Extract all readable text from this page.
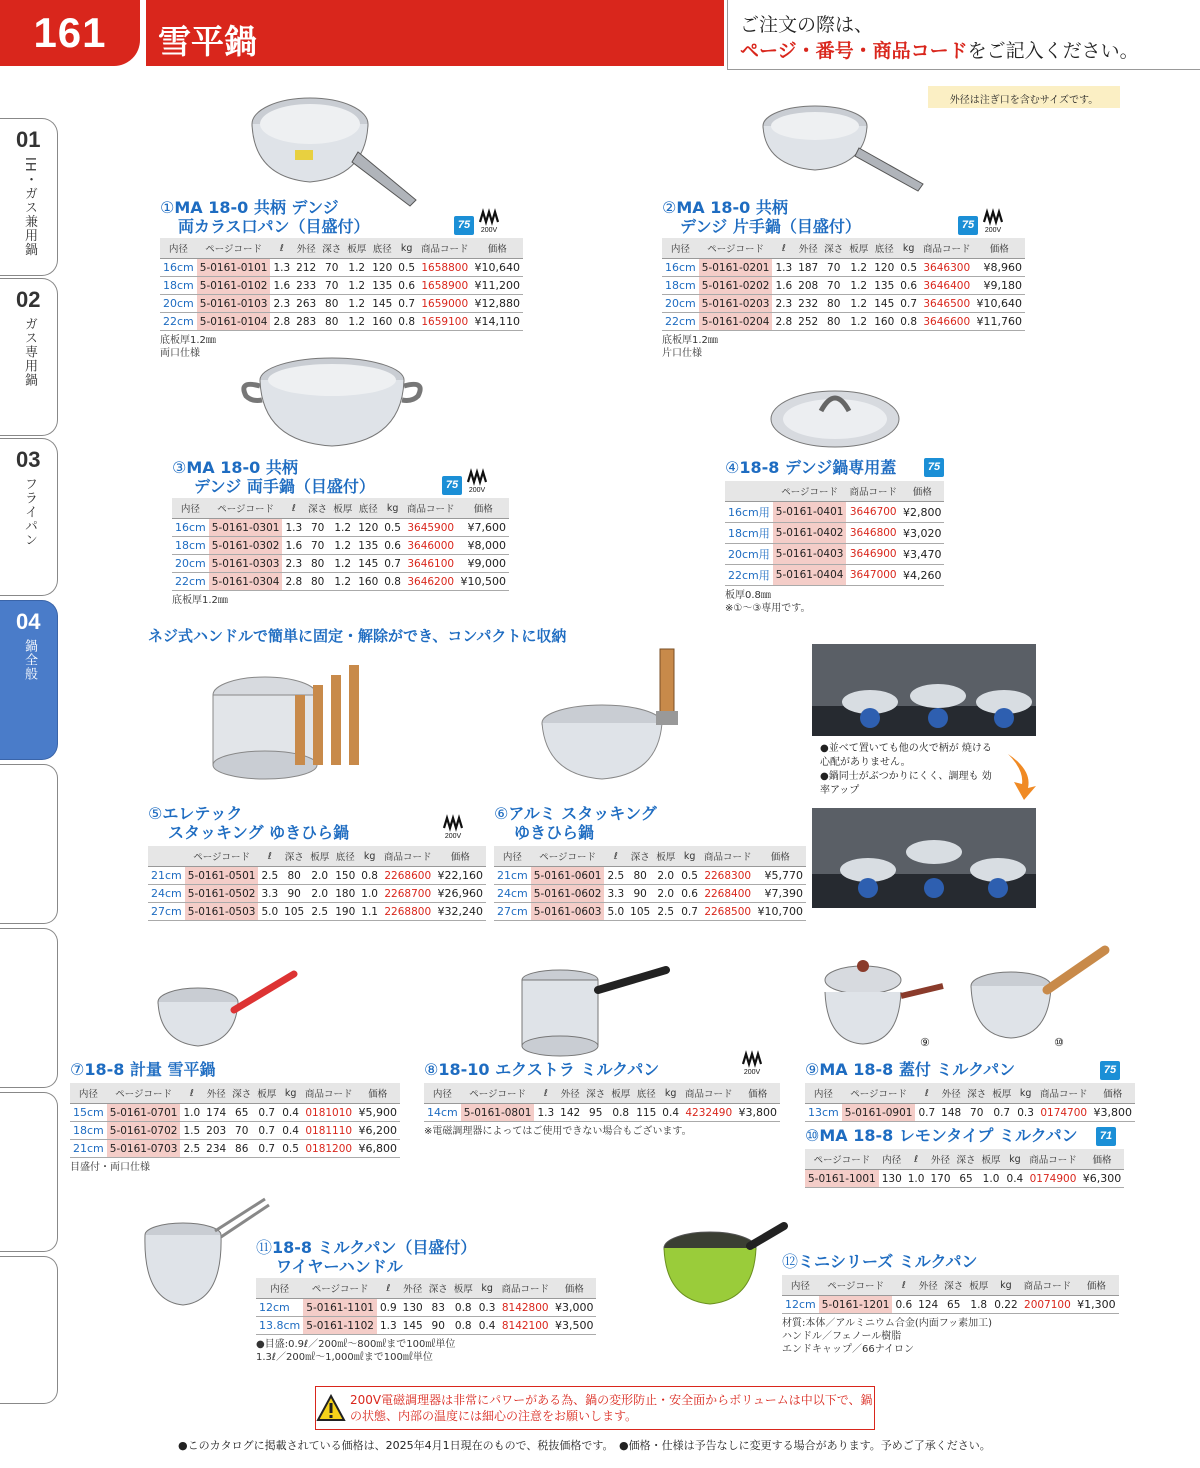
161	雪平鍋	ご注文の際は、
ページ・番号・商品コードをご記入ください。
01
IH・ガス兼用鍋
02
ガス専用鍋
03
フライパン
04
鍋全般
外径は注ぎ口を含むサイズです。
⑨	⑩
①MA 18-0 共柄 デンジ
両カラス口パン（目盛付）
内径	ページコード	ℓ	外径	深さ	板厚	底径	kg	商品コード	価格
16cm	5-0161-0101	1.3	212	70	1.2	120	0.5	1658800	¥10,640
18cm	5-0161-0102	1.6	233	70	1.2	135	0.6	1658900	¥11,200
20cm	5-0161-0103	2.3	263	80	1.2	145	0.7	1659000	¥12,880
22cm	5-0161-0104	2.8	283	80	1.2	160	0.8	1659100	¥14,110
底板厚1.2㎜
両口仕様
75	200V
②MA 18-0 共柄
デンジ 片手鍋（目盛付）
内径	ページコード	ℓ	外径	深さ	板厚	底径	kg	商品コード	価格
16cm	5-0161-0201	1.3	187	70	1.2	120	0.5	3646300	¥8,960
18cm	5-0161-0202	1.6	208	70	1.2	135	0.6	3646400	¥9,180
20cm	5-0161-0203	2.3	232	80	1.2	145	0.7	3646500	¥10,640
22cm	5-0161-0204	2.8	252	80	1.2	160	0.8	3646600	¥11,760
底板厚1.2㎜
片口仕様
75	200V
③MA 18-0 共柄
デンジ 両手鍋（目盛付）
内径	ページコード	ℓ	深さ	板厚	底径	kg	商品コード	価格
16cm	5-0161-0301	1.3	70	1.2	120	0.5	3645900	¥7,600
18cm	5-0161-0302	1.6	70	1.2	135	0.6	3646000	¥8,000
20cm	5-0161-0303	2.3	80	1.2	145	0.7	3646100	¥9,000
22cm	5-0161-0304	2.8	80	1.2	160	0.8	3646200	¥10,500
底板厚1.2㎜
75	200V
④18-8 デンジ鍋専用蓋
	ページコード	商品コード	価格
16cm用	5-0161-0401	3646700	¥2,800
18cm用	5-0161-0402	3646800	¥3,020
20cm用	5-0161-0403	3646900	¥3,470
22cm用	5-0161-0404	3647000	¥4,260
板厚0.8㎜
※①～③専用です。
75
ネジ式ハンドルで簡単に固定・解除ができ、コンパクトに収納
●並べて置いても他の火で柄が 焼ける心配がありません。
●鍋同士がぶつかりにくく、調理も 効率アップ
⑤エレテック
スタッキング ゆきひら鍋
	ページコード	ℓ	深さ	板厚	底径	kg	商品コード	価格
21cm	5-0161-0501	2.5	80	2.0	150	0.8	2268600	¥22,160
24cm	5-0161-0502	3.3	90	2.0	180	1.0	2268700	¥26,960
27cm	5-0161-0503	5.0	105	2.5	190	1.1	2268800	¥32,240
200V
⑥アルミ スタッキング
ゆきひら鍋
内径	ページコード	ℓ	深さ	板厚	kg	商品コード	価格
21cm	5-0161-0601	2.5	80	2.0	0.5	2268300	¥5,770
24cm	5-0161-0602	3.3	90	2.0	0.6	2268400	¥7,390
27cm	5-0161-0603	5.0	105	2.5	0.7	2268500	¥10,700
⑦18-8 計量 雪平鍋
内径	ページコード	ℓ	外径	深さ	板厚	kg	商品コード	価格
15cm	5-0161-0701	1.0	174	65	0.7	0.4	0181010	¥5,900
18cm	5-0161-0702	1.5	203	70	0.7	0.4	0181110	¥6,200
21cm	5-0161-0703	2.5	234	86	0.7	0.5	0181200	¥6,800
目盛付・両口仕様
⑧18-10 エクストラ ミルクパン
内径	ページコード	ℓ	外径	深さ	板厚	底径	kg	商品コード	価格
14cm	5-0161-0801	1.3	142	95	0.8	115	0.4	4232490	¥3,800
※電磁調理器によってはご使用できない場合もございます。
200V	⑨MA 18-8 蓋付 ミルクパン
内径	ページコード	ℓ	外径	深さ	板厚	kg	商品コード	価格
13cm	5-0161-0901	0.7	148	70	0.7	0.3	0174700	¥3,800
75
⑩MA 18-8 レモンタイプ ミルクパン
ページコード	内径	ℓ	外径	深さ	板厚	kg	商品コード	価格
5-0161-1001	130	1.0	170	65	1.0	0.4	0174900	¥6,300
71
⑪18-8 ミルクパン（目盛付）
ワイヤーハンドル
内径	ページコード	ℓ	外径	深さ	板厚	kg	商品コード	価格
12cm	5-0161-1101	0.9	130	83	0.8	0.3	8142800	¥3,000
13.8cm	5-0161-1102	1.3	145	90	0.8	0.4	8142100	¥3,500
●目盛:0.9ℓ／200㎖～800㎖まで100㎖単位
1.3ℓ／200㎖～1,000㎖まで100㎖単位
⑫ミニシリーズ ミルクパン
内径	ページコード	ℓ	外径	深さ	板厚	kg	商品コード	価格
12cm	5-0161-1201	0.6	124	65	1.8	0.22	2007100	¥1,300
材質:本体／アルミニウム合金(内面フッ素加工)
ハンドル／フェノール樹脂
エンドキャップ／66ナイロン
200V電磁調理器は非常にパワーがある為、鍋の変形防止・安全面からボリュームは中以下で、鍋の状態、内部の温度には細心の注意をお願いします。
●このカタログに掲載されている価格は、2025年4月1日現在のもので、税抜価格です。　●価格・仕様は予告なしに変更する場合があります。予めご了承ください。
